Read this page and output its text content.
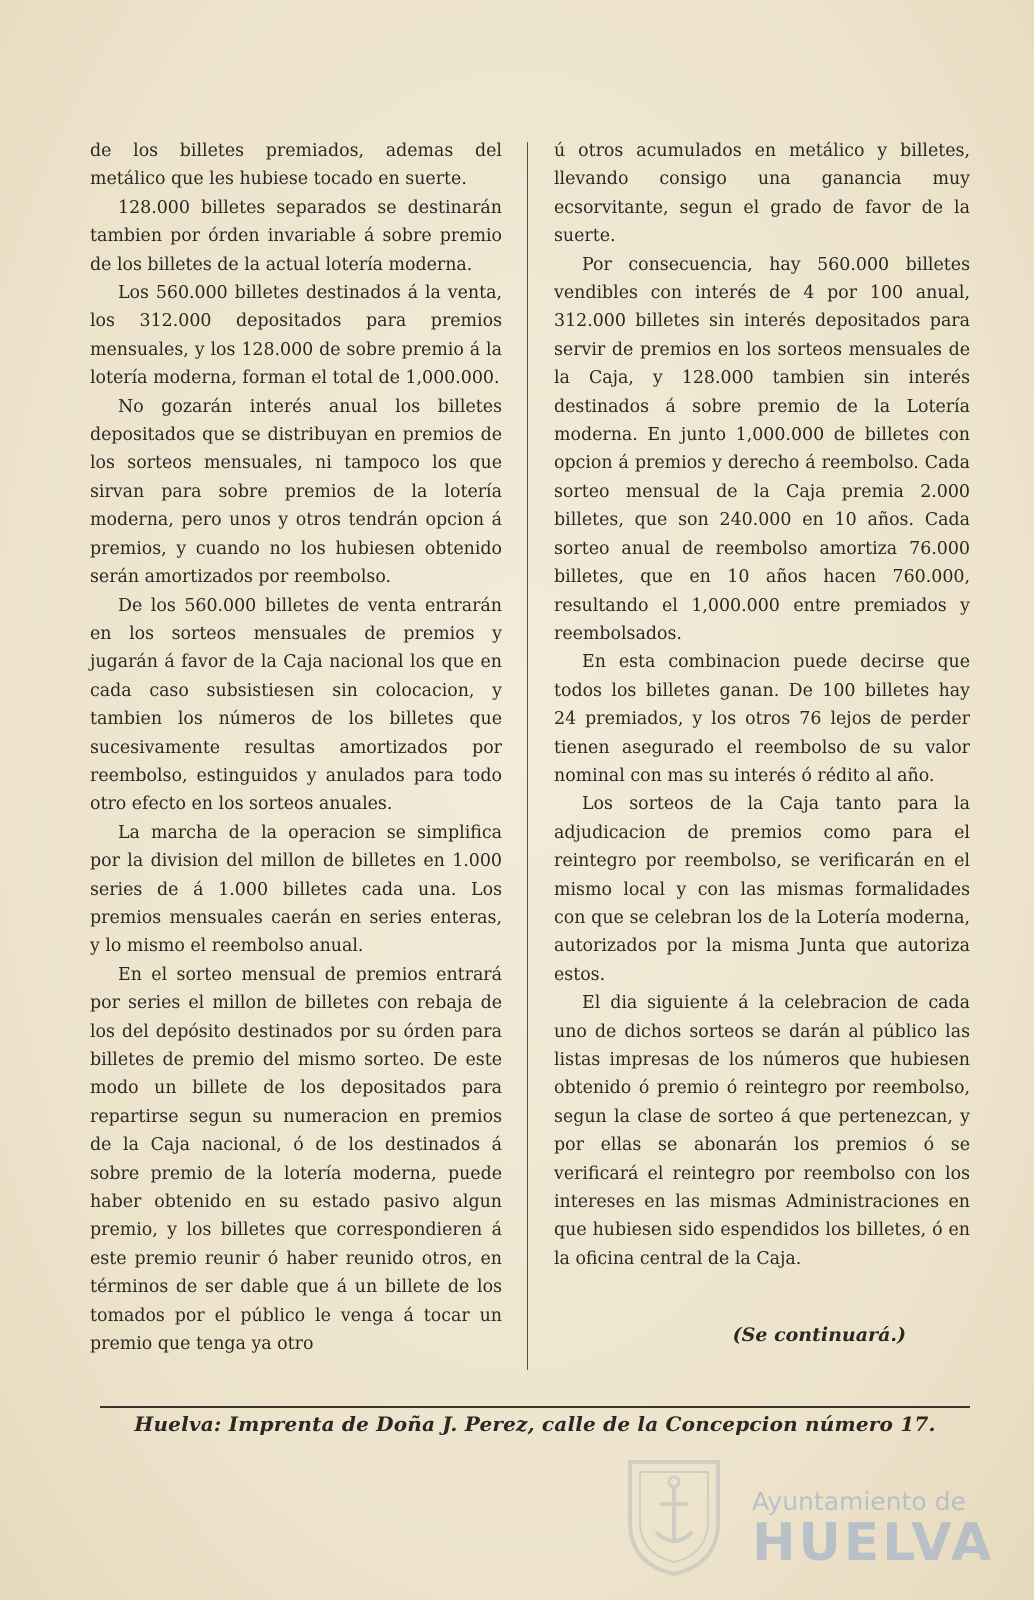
de los billetes premiados, ademas del metálico que les hubiese tocado en suerte.

128.000 billetes separados se destinarán tambien por órden invariable á sobre premio de los billetes de la actual lotería moderna.

Los 560.000 billetes destinados á la venta, los 312.000 depositados para premios mensuales, y los 128.000 de sobre premio á la lotería moderna, forman el total de 1,000.000.

No gozarán interés anual los billetes depositados que se distribuyan en premios de los sorteos mensuales, ni tampoco los que sirvan para sobre premios de la lotería moderna, pero unos y otros tendrán opcion á premios, y cuando no los hubiesen obtenido serán amortizados por reembolso.

De los 560.000 billetes de venta entrarán en los sorteos mensuales de premios y jugarán á favor de la Caja nacional los que en cada caso subsistiesen sin colocacion, y tambien los números de los billetes que sucesivamente resultas amortizados por reembolso, estinguidos y anulados para todo otro efecto en los sorteos anuales.

La marcha de la operacion se simplifica por la division del millon de billetes en 1.000 series de á 1.000 billetes cada una. Los premios mensuales caerán en series enteras, y lo mismo el reembolso anual.

En el sorteo mensual de premios entrará por series el millon de billetes con rebaja de los del depósito destinados por su órden para billetes de premio del mismo sorteo. De este modo un billete de los depositados para repartirse segun su numeracion en premios de la Caja nacional, ó de los destinados á sobre premio de la lotería moderna, puede haber obtenido en su estado pasivo algun premio, y los billetes que correspondieren á este premio reunir ó haber reunido otros, en términos de ser dable que á un billete de los tomados por el público le venga á tocar un premio que tenga ya otro

ú otros acumulados en metálico y billetes, llevando consigo una ganancia muy ecsorvitante, segun el grado de favor de la suerte.

Por consecuencia, hay 560.000 billetes vendibles con interés de 4 por 100 anual, 312.000 billetes sin interés depositados para servir de premios en los sorteos mensuales de la Caja, y 128.000 tambien sin interés destinados á sobre premio de la Lotería moderna. En junto 1,000.000 de billetes con opcion á premios y derecho á reembolso. Cada sorteo mensual de la Caja premia 2.000 billetes, que son 240.000 en 10 años. Cada sorteo anual de reembolso amortiza 76.000 billetes, que en 10 años hacen 760.000, resultando el 1,000.000 entre premiados y reembolsados.

En esta combinacion puede decirse que todos los billetes ganan. De 100 billetes hay 24 premiados, y los otros 76 lejos de perder tienen asegurado el reembolso de su valor nominal con mas su interés ó rédito al año.

Los sorteos de la Caja tanto para la adjudicacion de premios como para el reintegro por reembolso, se verificarán en el mismo local y con las mismas formalidades con que se celebran los de la Lotería moderna, autorizados por la misma Junta que autoriza estos.

El dia siguiente á la celebracion de cada uno de dichos sorteos se darán al público las listas impresas de los números que hubiesen obtenido ó premio ó reintegro por reembolso, segun la clase de sorteo á que pertenezcan, y por ellas se abonarán los premios ó se verificará el reintegro por reembolso con los intereses en las mismas Administraciones en que hubiesen sido espendidos los billetes, ó en la oficina central de la Caja.

(Se continuará.)
Huelva: Imprenta de Doña J. Perez, calle de la Concepcion número 17.
Ayuntamiento de
HUELVA
